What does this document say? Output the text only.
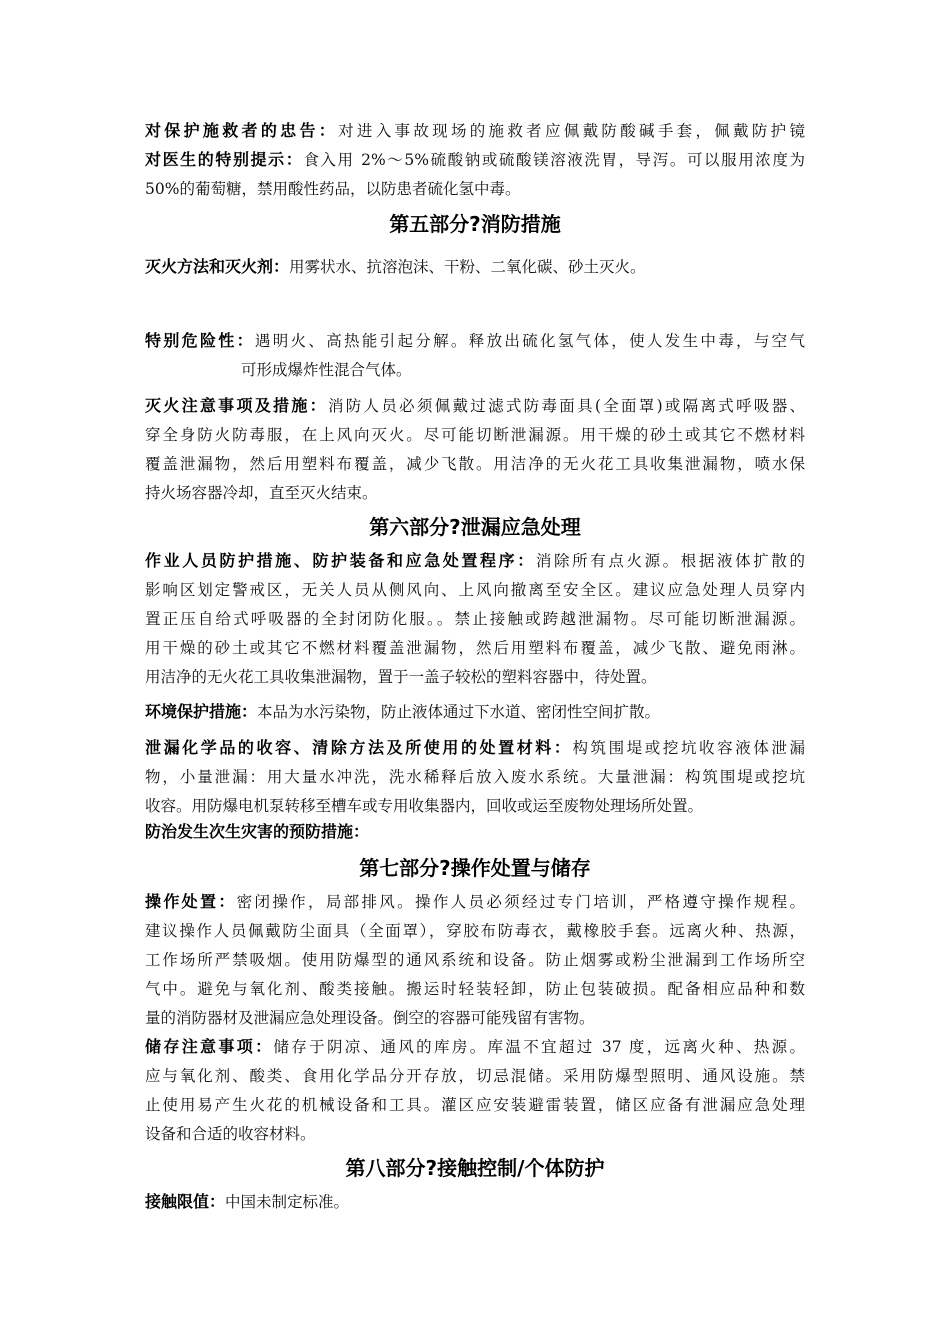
对保护施救者的忠告：对进入事故现场的施救者应佩戴防酸碱手套，佩戴防护镜
对医生的特别提示：食入用 2%～5%硫酸钠或硫酸镁溶液洗胃，导泻。可以服用浓度为
50%的葡萄糖，禁用酸性药品，以防患者硫化氢中毒。
第五部分?消防措施
灭火方法和灭火剂：用雾状水、抗溶泡沫、干粉、二氧化碳、砂土灭火。
特别危险性：遇明火、高热能引起分解。释放出硫化氢气体，使人发生中毒，与空气
可形成爆炸性混合气体。
灭火注意事项及措施：消防人员必须佩戴过滤式防毒面具(全面罩)或隔离式呼吸器、
穿全身防火防毒服，在上风向灭火。尽可能切断泄漏源。用干燥的砂土或其它不燃材料
覆盖泄漏物，然后用塑料布覆盖，减少飞散。用洁净的无火花工具收集泄漏物，喷水保
持火场容器冷却，直至灭火结束。
第六部分?泄漏应急处理
作业人员防护措施、防护装备和应急处置程序：消除所有点火源。根据液体扩散的
影响区划定警戒区，无关人员从侧风向、上风向撤离至安全区。建议应急处理人员穿内
置正压自给式呼吸器的全封闭防化服。。禁止接触或跨越泄漏物。尽可能切断泄漏源。
用干燥的砂土或其它不燃材料覆盖泄漏物，然后用塑料布覆盖，减少飞散、避免雨淋。
用洁净的无火花工具收集泄漏物，置于一盖子较松的塑料容器中，待处置。
环境保护措施：本品为水污染物，防止液体通过下水道、密闭性空间扩散。
泄漏化学品的收容、清除方法及所使用的处置材料：构筑围堤或挖坑收容液体泄漏
物，小量泄漏：用大量水冲洗，洗水稀释后放入废水系统。大量泄漏：构筑围堤或挖坑
收容。用防爆电机泵转移至槽车或专用收集器内，回收或运至废物处理场所处置。
防治发生次生灾害的预防措施：
第七部分?操作处置与储存
操作处置：密闭操作，局部排风。操作人员必须经过专门培训，严格遵守操作规程。
建议操作人员佩戴防尘面具（全面罩），穿胶布防毒衣，戴橡胶手套。远离火种、热源，
工作场所严禁吸烟。使用防爆型的通风系统和设备。防止烟雾或粉尘泄漏到工作场所空
气中。避免与氧化剂、酸类接触。搬运时轻装轻卸，防止包装破损。配备相应品种和数
量的消防器材及泄漏应急处理设备。倒空的容器可能残留有害物。
储存注意事项：储存于阴凉、通风的库房。库温不宜超过 37 度，远离火种、热源。
应与氧化剂、酸类、食用化学品分开存放，切忌混储。采用防爆型照明、通风设施。禁
止使用易产生火花的机械设备和工具。灌区应安装避雷装置，储区应备有泄漏应急处理
设备和合适的收容材料。
第八部分?接触控制/个体防护
接触限值：中国未制定标准。
